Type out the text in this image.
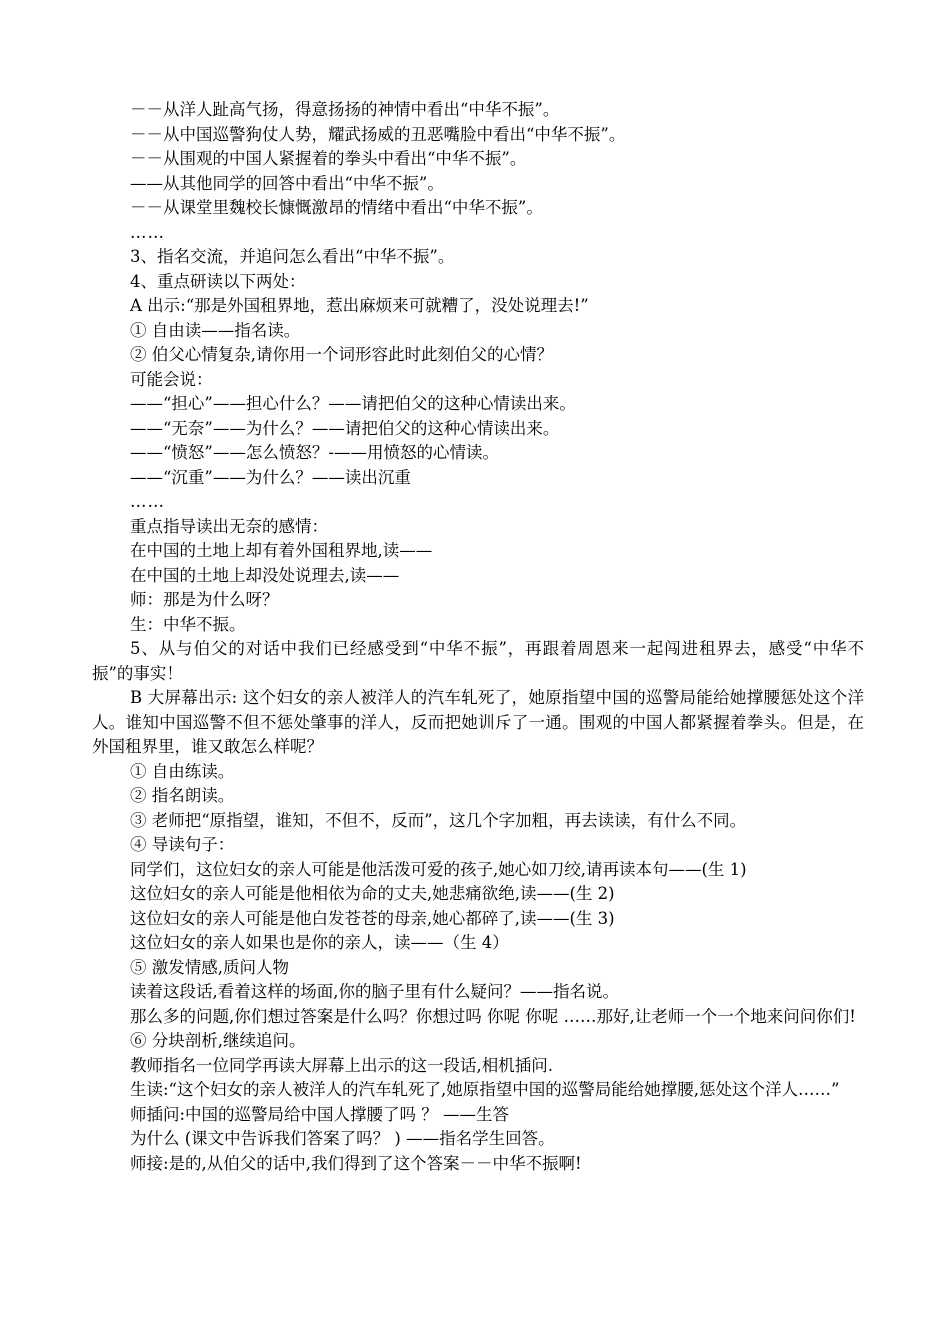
－－从洋人趾高气扬，得意扬扬的神情中看出“中华不振”。
－－从中国巡警狗仗人势，耀武扬威的丑恶嘴脸中看出“中华不振”。
－－从围观的中国人紧握着的拳头中看出“中华不振”。
——从其他同学的回答中看出“中华不振”。
－－从课堂里魏校长慷慨激昂的情绪中看出“中华不振”。
……
3、指名交流，并追问怎么看出“中华不振”。
4、重点研读以下两处：
A 出示:“那是外国租界地，惹出麻烦来可就糟了，没处说理去!”
① 自由读——指名读。
② 伯父心情复杂,请你用一个词形容此时此刻伯父的心情？
可能会说：
——“担心”——担心什么？——请把伯父的这种心情读出来。
——“无奈”——为什么？——请把伯父的这种心情读出来。
——“愤怒”——怎么愤怒？-——用愤怒的心情读。
——“沉重”——为什么？——读出沉重
……
重点指导读出无奈的感情：
在中国的土地上却有着外国租界地,读——
在中国的土地上却没处说理去,读——
师：那是为什么呀？
生：中华不振。
5、从与伯父的对话中我们已经感受到“中华不振”，再跟着周恩来一起闯进租界去，感受“中华不振”的事实！
B 大屏幕出示: 这个妇女的亲人被洋人的汽车轧死了，她原指望中国的巡警局能给她撑腰惩处这个洋人。谁知中国巡警不但不惩处肇事的洋人，反而把她训斥了一通。围观的中国人都紧握着拳头。但是，在外国租界里，谁又敢怎么样呢？
① 自由练读。
② 指名朗读。
③ 老师把“原指望，谁知，不但不，反而”，这几个字加粗，再去读读，有什么不同。
④ 导读句子：
同学们，这位妇女的亲人可能是他活泼可爱的孩子,她心如刀绞,请再读本句——(生 1)
这位妇女的亲人可能是他相依为命的丈夫,她悲痛欲绝,读——(生 2)
这位妇女的亲人可能是他白发苍苍的母亲,她心都碎了,读——(生 3)
这位妇女的亲人如果也是你的亲人，读——（生 4）
⑤ 激发情感,质问人物
读着这段话,看着这样的场面,你的脑子里有什么疑问？——指名说。
那么多的问题,你们想过答案是什么吗？你想过吗 你呢 你呢 ……那好,让老师一个一个地来问问你们!
⑥ 分块剖析,继续追问。
教师指名一位同学再读大屏幕上出示的这一段话,相机插问.
生读:“这个妇女的亲人被洋人的汽车轧死了,她原指望中国的巡警局能给她撑腰,惩处这个洋人……”
师插问:中国的巡警局给中国人撑腰了吗 ？ ——生答
为什么 (课文中告诉我们答案了吗？ ) ——指名学生回答。
师接:是的,从伯父的话中,我们得到了这个答案－－中华不振啊!
